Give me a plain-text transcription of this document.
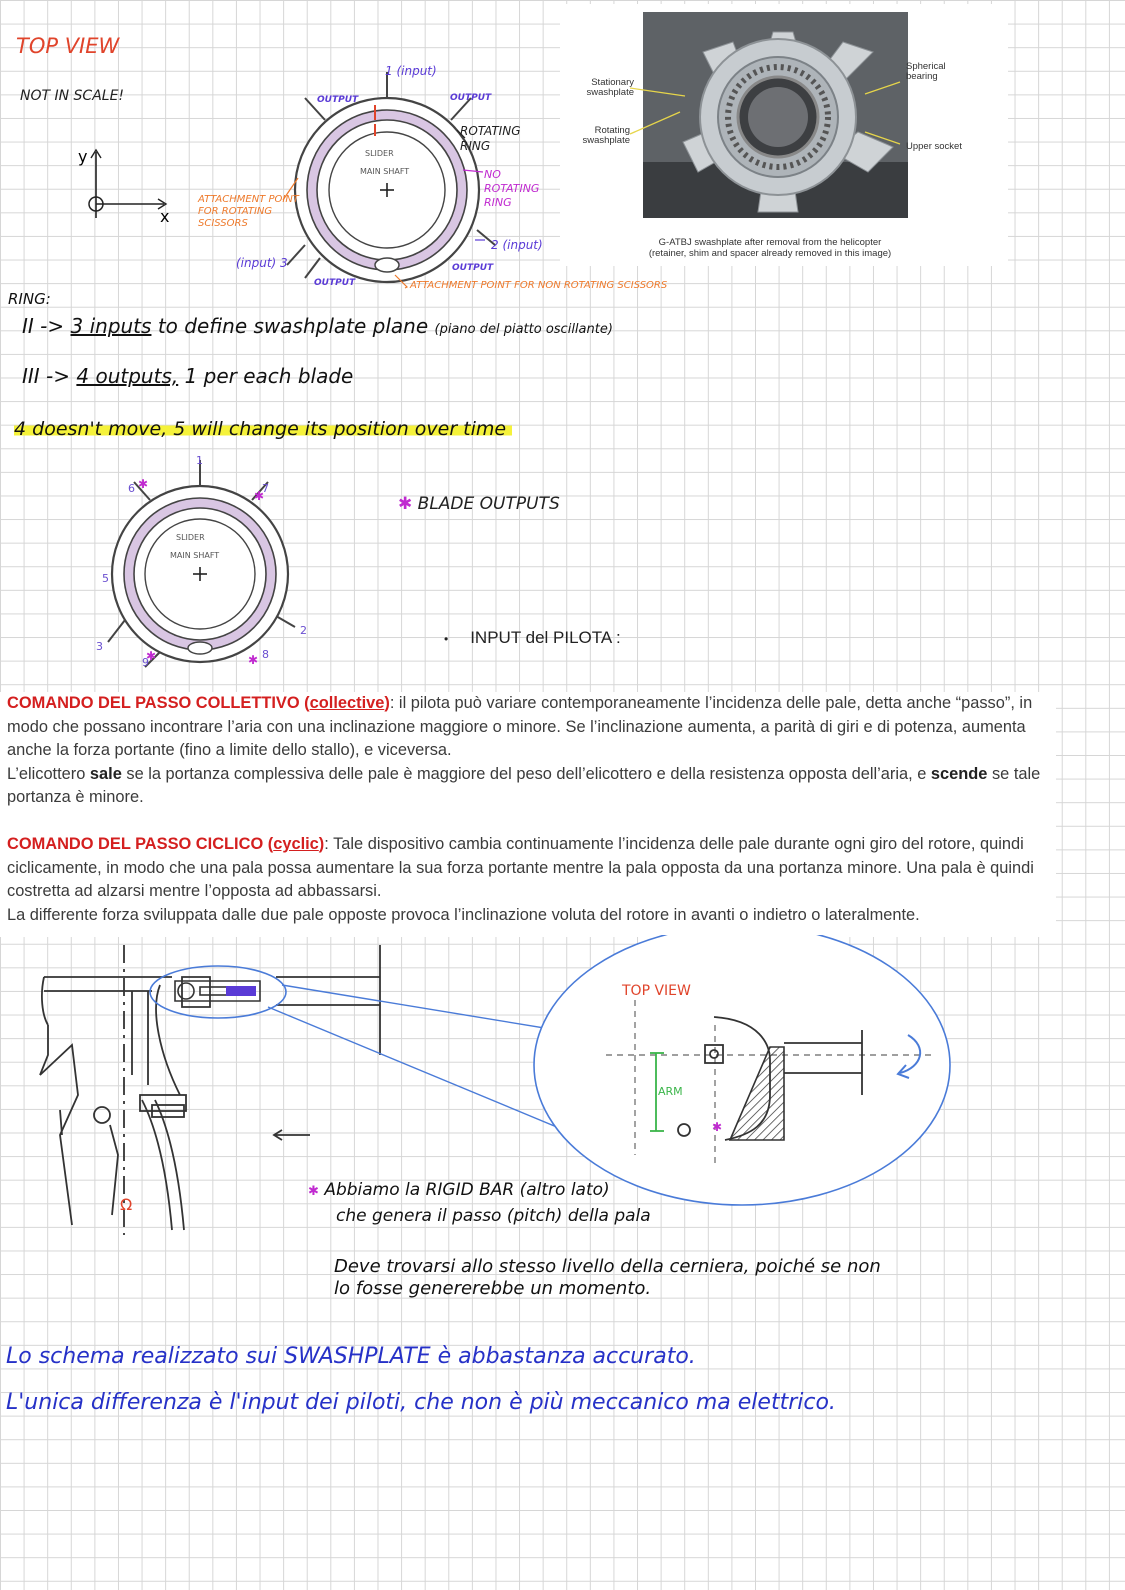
TOP VIEW
NOT IN SCALE!
y
x
SLIDER
MAIN SHAFT
1 (input)
2 (input)
(input) 3
OUTPUT	OUTPUT
OUTPUT
OUTPUT
ROTATING RING
NO ROTATING RING
ATTACHMENT POINT FOR ROTATING SCISSORS
ATTACHMENT POINT FOR NON ROTATING SCISSORS
Stationary swashplate
Rotating swashplate
Spherical bearing
Upper socket
G-ATBJ swashplate after removal from the helicopter
(retainer, shim and spacer already removed in this image)
RING:
II -> 3 inputs to define swashplate plane (piano del piatto oscillante)
III -> 4 outputs, 1 per each blade
4 doesn't move, 5 will change its position over time
SLIDER
MAIN SHAFT
1
2
3
5
6	7
8
9
✱
✱
✱
✱
✱ BLADE OUTPUTS
• INPUT del PILOTA :

COMANDO DEL PASSO COLLETTIVO (collective): il pilota può variare contemporaneamente l’incidenza delle pale, detta anche “passo”, in modo che possano incontrare l’aria con una inclinazione maggiore o minore. Se l’inclinazione aumenta, a parità di giri e di potenza, aumenta anche la forza portante (fino a limite dello stallo), e viceversa.

L’elicottero sale se la portanza complessiva delle pale è maggiore del peso dell’elicottero e della resistenza opposta dell’aria, e scende se tale portanza è minore.

COMANDO DEL PASSO CICLICO (cyclic): Tale dispositivo cambia continuamente l’incidenza delle pale durante ogni giro del rotore, quindi ciclicamente, in modo che una pala possa aumentare la sua forza portante mentre la pala opposta da una portanza minore. Una pala è quindi costretta ad alzarsi mentre l’opposta ad abbassarsi.

La differente forza sviluppata dalle due pale opposte provoca l’inclinazione voluta del rotore in avanti o indietro o lateralmente.

✱
TOP VIEW
ARM
Ω
✱ Abbiamo la RIGID BAR (altro lato)
che genera il passo (pitch) della pala
Deve trovarsi allo stesso livello della cerniera, poiché se non
lo fosse genererebbe un momento.
Lo schema realizzato sui SWASHPLATE è abbastanza accurato.
L'unica differenza è l'input dei piloti, che non è più meccanico ma elettrico.
